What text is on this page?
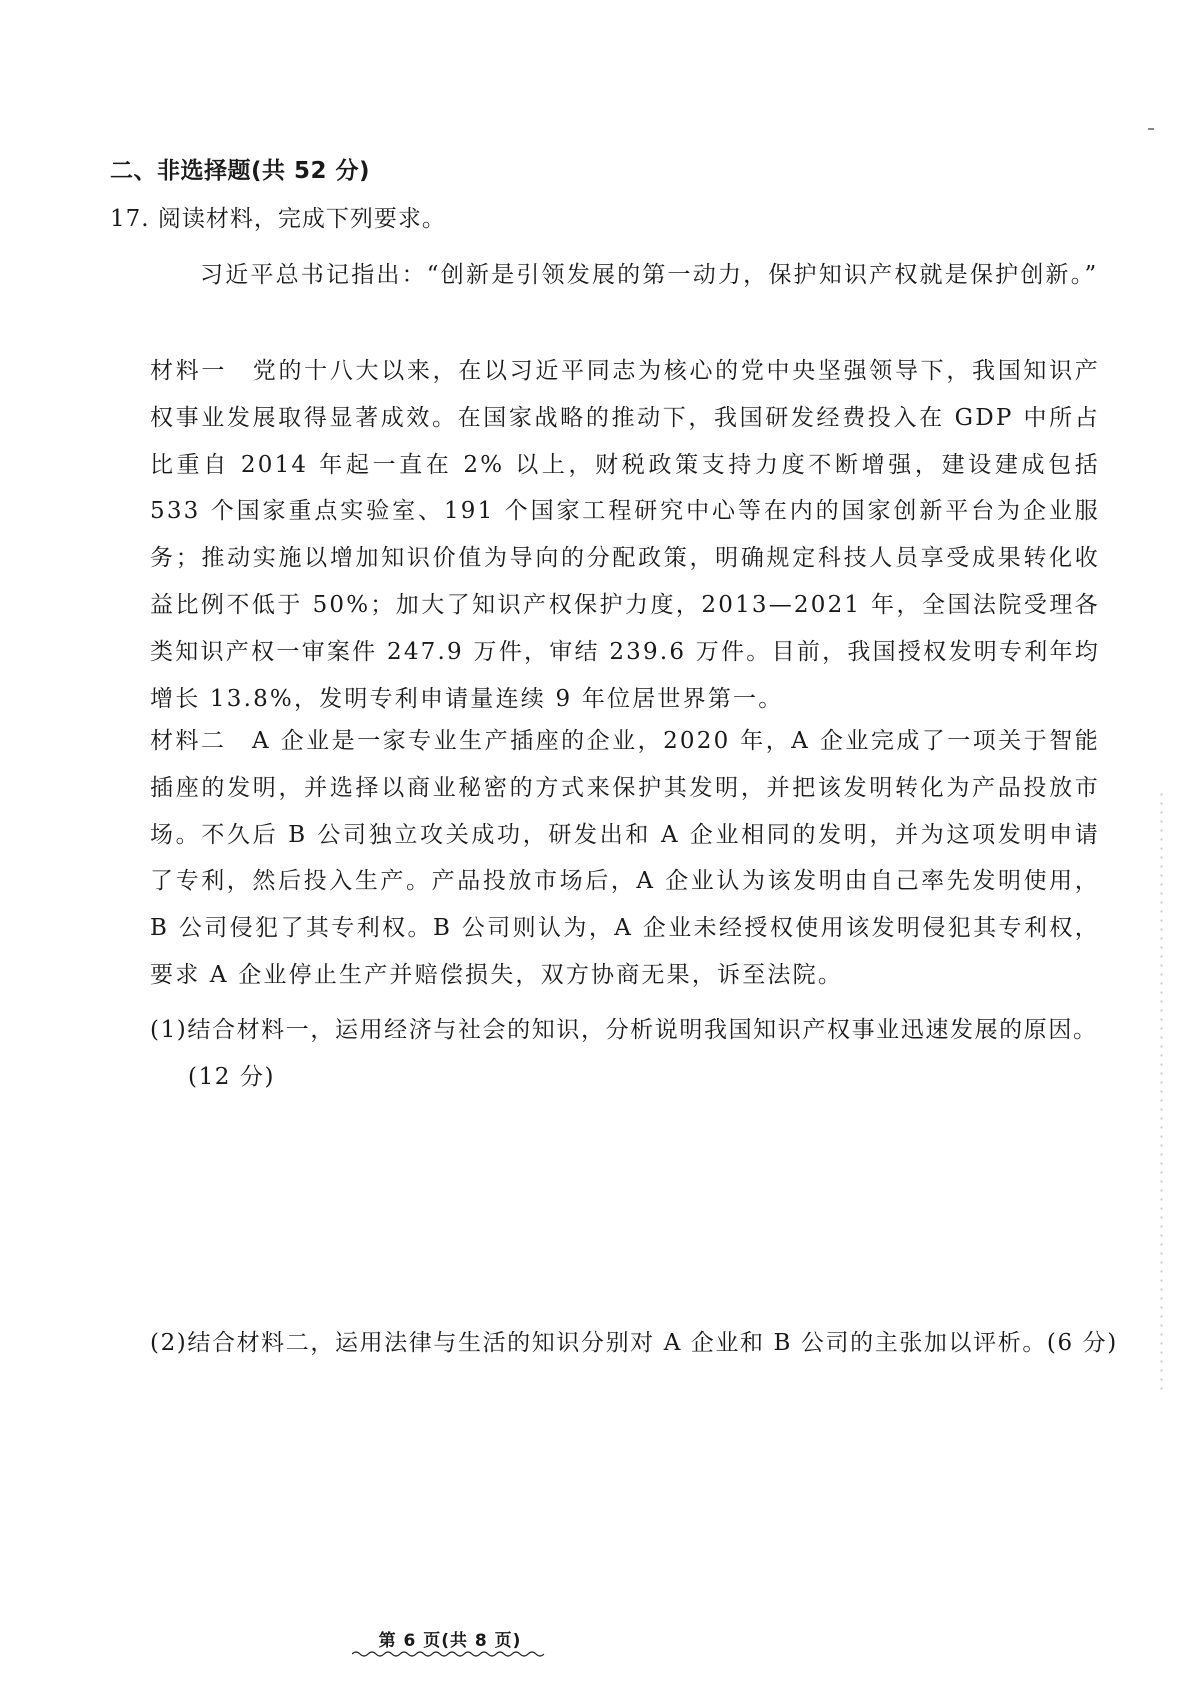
二、非选择题(共 52 分)
17. 阅读材料，完成下列要求。

习近平总书记指出：“创新是引领发展的第一动力，保护知识产权就是保护创新。”

材料一　党的十八大以来，在以习近平同志为核心的党中央坚强领导下，我国知识产权事业发展取得显著成效。在国家战略的推动下，我国研发经费投入在 GDP 中所占比重自 2014 年起一直在 2% 以上，财税政策支持力度不断增强，建设建成包括 533 个国家重点实验室、191 个国家工程研究中心等在内的国家创新平台为企业服务；推动实施以增加知识价值为导向的分配政策，明确规定科技人员享受成果转化收益比例不低于 50%；加大了知识产权保护力度，2013—2021 年，全国法院受理各类知识产权一审案件 247.9 万件，审结 239.6 万件。目前，我国授权发明专利年均增长 13.8%，发明专利申请量连续 9 年位居世界第一。

材料二　A 企业是一家专业生产插座的企业，2020 年，A 企业完成了一项关于智能插座的发明，并选择以商业秘密的方式来保护其发明，并把该发明转化为产品投放市场。不久后 B 公司独立攻关成功，研发出和 A 企业相同的发明，并为这项发明申请了专利，然后投入生产。产品投放市场后，A 企业认为该发明由自己率先发明使用，B 公司侵犯了其专利权。B 公司则认为，A 企业未经授权使用该发明侵犯其专利权，要求 A 企业停止生产并赔偿损失，双方协商无果，诉至法院。

(1)结合材料一，运用经济与社会的知识，分析说明我国知识产权事业迅速发展的原因。(12 分)

(2)结合材料二，运用法律与生活的知识分别对 A 企业和 B 公司的主张加以评析。(6 分)

第 6 页(共 8 页)
